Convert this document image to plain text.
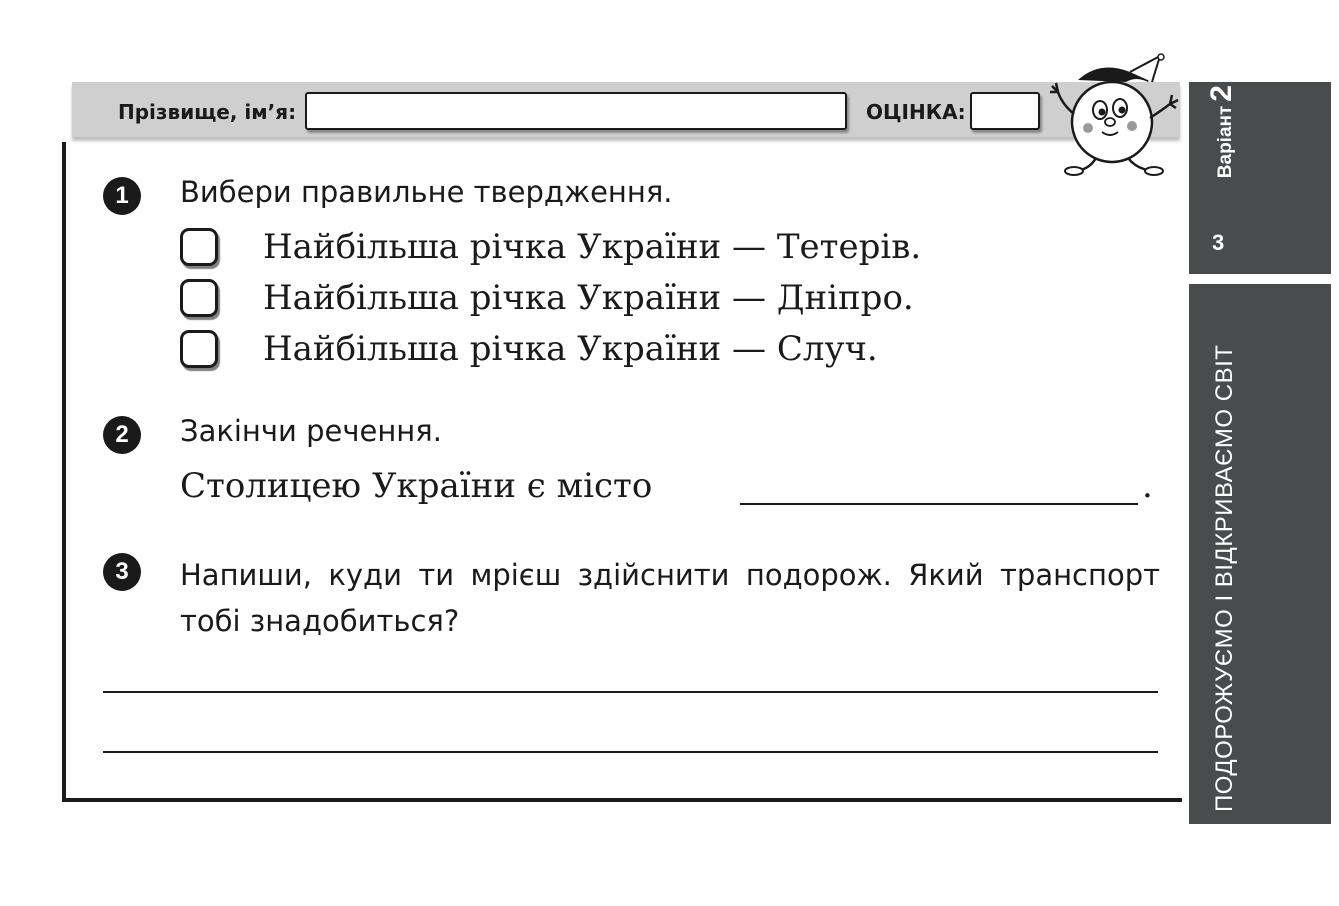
Прізвище, ім’я:	ОЦІНКА:
1	Вибери правильне твердження.
Найбільша річка України — Тетерів.
Найбільша річка України — Дніпро.
Найбільша річка України — Случ.
2	Закінчи речення.
Столицею України є місто	.
3	Напиши, куди ти мрієш здійснити подорож. Який транспорт тобі знадобиться?
Варіант
2
3
ПОДОРОЖУЄМО І ВІДКРИВАЄМО СВІТ
